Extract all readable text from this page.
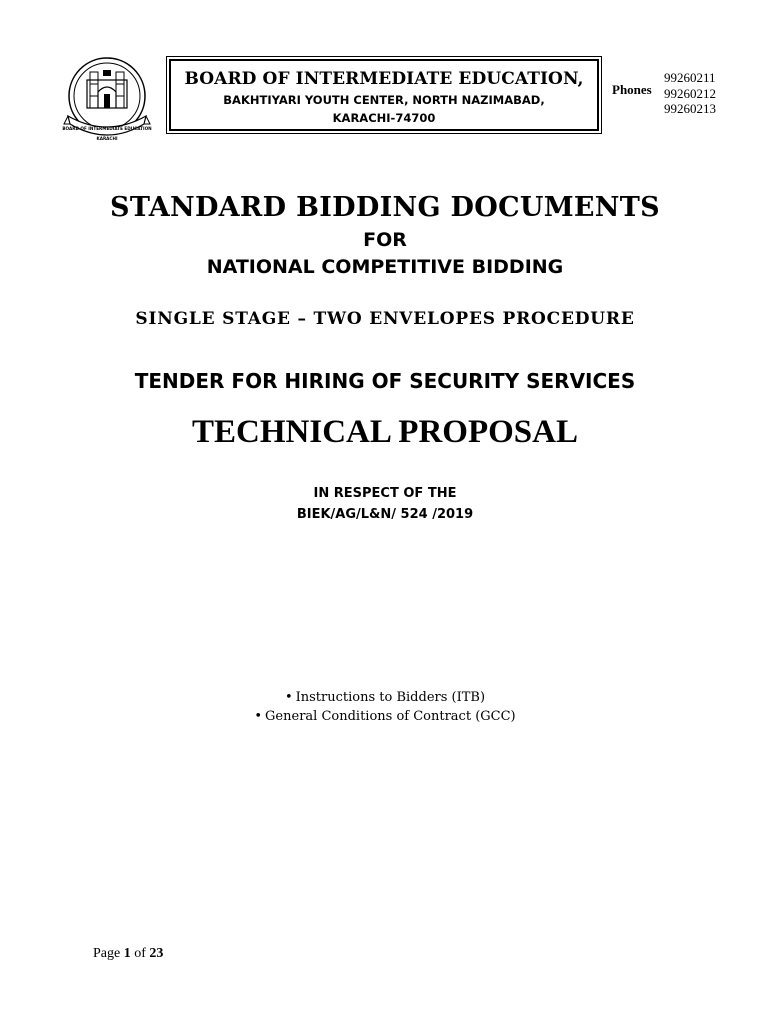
BOARD OF INTERMEDIATE EDUCATION
KARACHI
BOARD OF INTERMEDIATE EDUCATION,
BAKHTIYARI YOUTH CENTER, NORTH NAZIMABAD, KARACHI-74700
Phones
99260211
99260212
99260213
STANDARD BIDDING DOCUMENTS
FOR
NATIONAL COMPETITIVE BIDDING
SINGLE STAGE – TWO ENVELOPES PROCEDURE
TENDER FOR HIRING OF SECURITY SERVICES
TECHNICAL PROPOSAL
IN RESPECT OF THE
BIEK/AG/L&N/ 524 /2019
• Instructions to Bidders (ITB)
• General Conditions of Contract (GCC)
Page 1 of 23
